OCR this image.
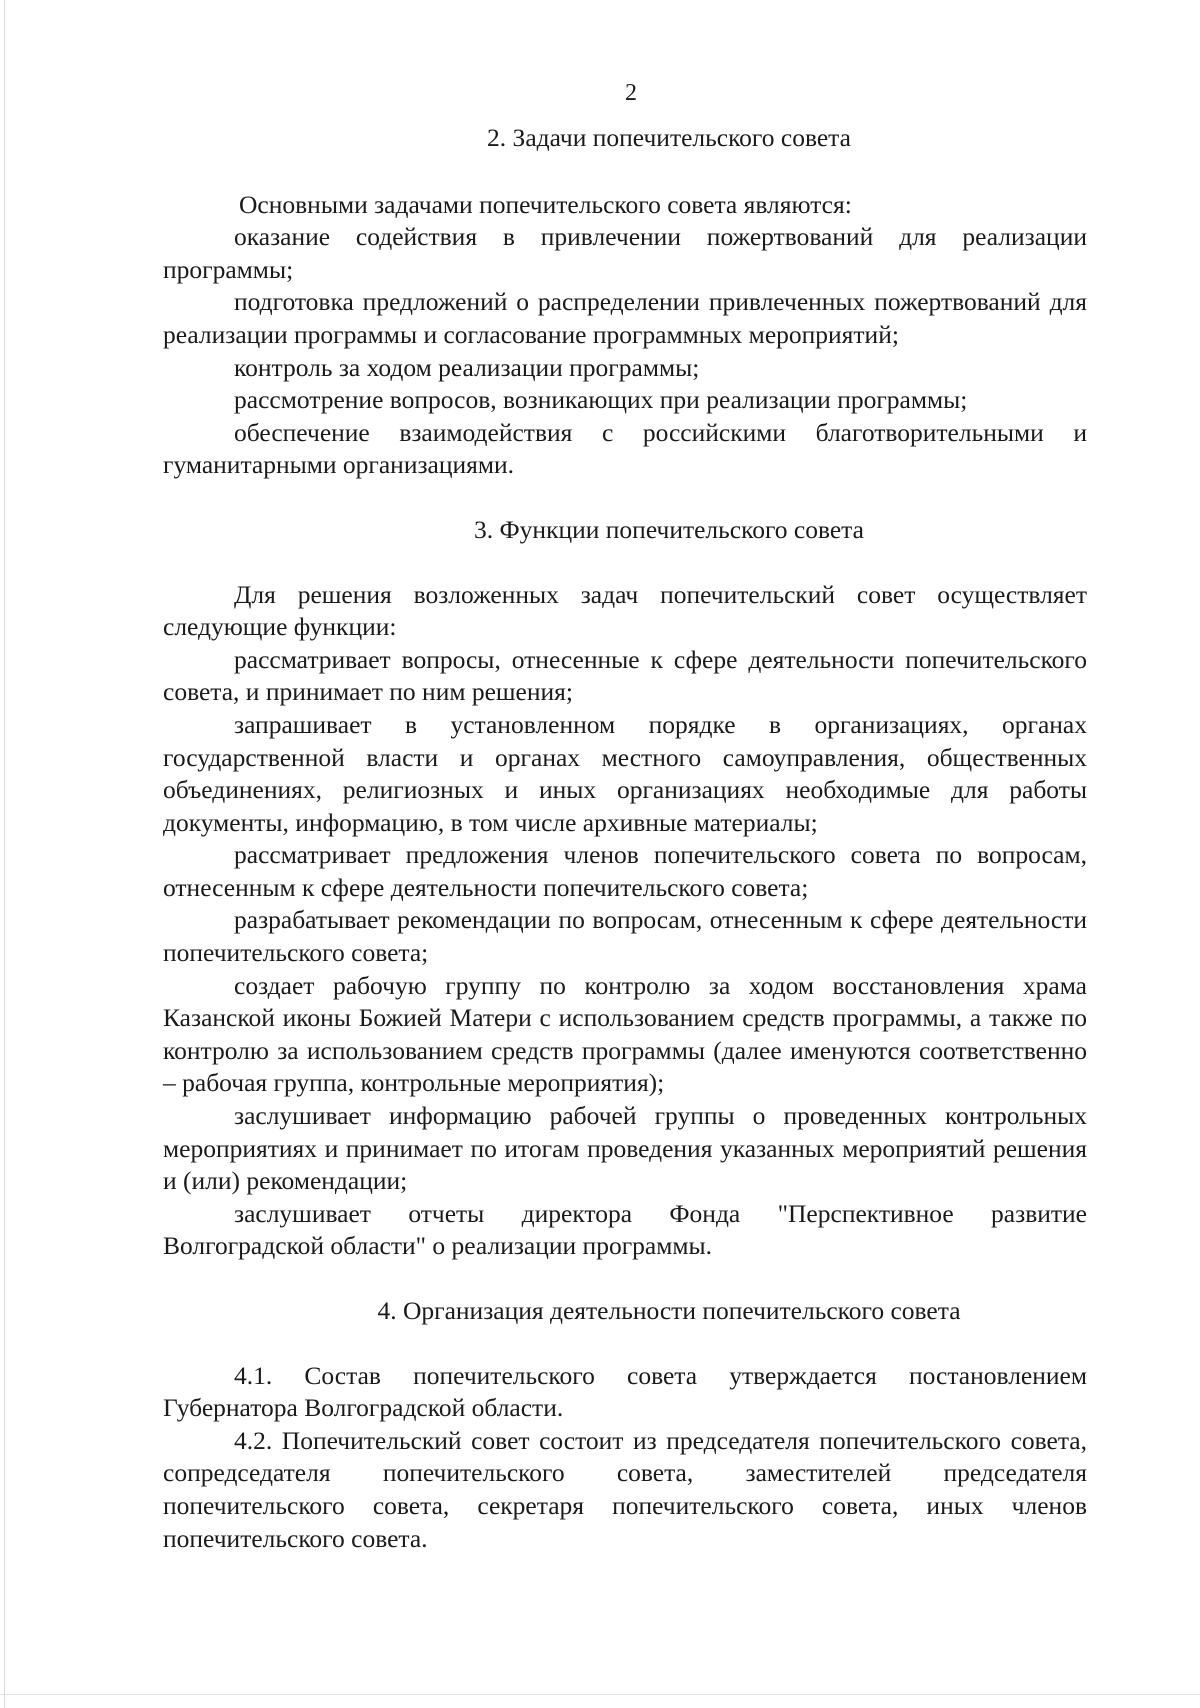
2
2. Задачи попечительского совета

Основными задачами попечительского совета являются:

оказание содействия в привлечении пожертвований для реализации программы;

подготовка предложений о распределении привлеченных пожертвований для реализации программы и согласование программных мероприятий;

контроль за ходом реализации программы;

рассмотрение вопросов, возникающих при реализации программы;

обеспечение взаимодействия с российскими благотворительными и гуманитарными организациями.

3. Функции попечительского совета

Для решения возложенных задач попечительский совет осуществляет следующие функции:

рассматривает вопросы, отнесенные к сфере деятельности попечительского совета, и принимает по ним решения;

запрашивает в установленном порядке в организациях, органах государственной власти и органах местного самоуправления, общественных объединениях, религиозных и иных организациях необходимые для работы документы, информацию, в том числе архивные материалы;

рассматривает предложения членов попечительского совета по вопросам, отнесенным к сфере деятельности попечительского совета;

разрабатывает рекомендации по вопросам, отнесенным к сфере деятельности попечительского совета;

создает рабочую группу по контролю за ходом восстановления храма Казанской иконы Божией Матери с использованием средств программы, а также по контролю за использованием средств программы (далее именуются соответственно – рабочая группа, контрольные мероприятия);

заслушивает информацию рабочей группы о проведенных контрольных мероприятиях и принимает по итогам проведения указанных мероприятий решения и (или) рекомендации;

заслушивает отчеты директора Фонда "Перспективное развитие Волгоградской области" о реализации программы.

4. Организация деятельности попечительского совета

4.1. Состав попечительского совета утверждается постановлением Губернатора Волгоградской области.

4.2. Попечительский совет состоит из председателя попечительского совета, сопредседателя попечительского совета, заместителей председателя попечительского совета, секретаря попечительского совета, иных членов попечительского совета.
